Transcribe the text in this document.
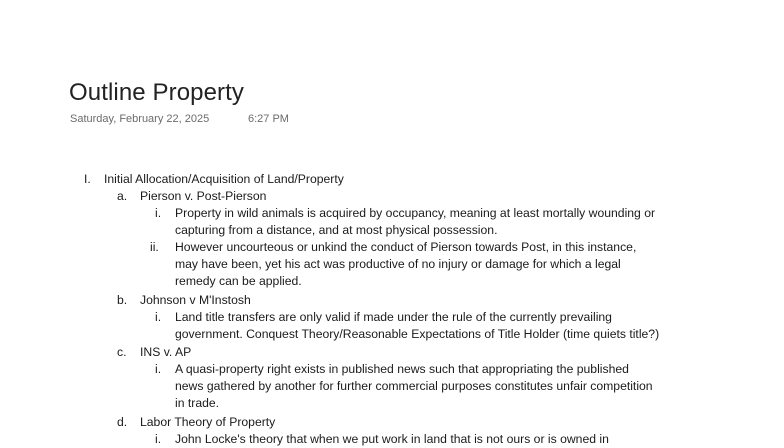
Outline Property
Saturday, February 22, 2025	6:27 PM
I. Initial Allocation/Acquisition of Land/Property
a. Pierson v. Post-Pierson
i. Property in wild animals is acquired by occupancy, meaning at least mortally wounding or
capturing from a distance, and at most physical possession.
ii. However uncourteous or unkind the conduct of Pierson towards Post, in this instance,
may have been, yet his act was productive of no injury or damage for which a legal
remedy can be applied.
b. Johnson v M'Instosh
i. Land title transfers are only valid if made under the rule of the currently prevailing
government. Conquest Theory/Reasonable Expectations of Title Holder (time quiets title?)
c. INS v. AP
i. A quasi-property right exists in published news such that appropriating the published
news gathered by another for further commercial purposes constitutes unfair competition
in trade.
d. Labor Theory of Property
i. John Locke's theory that when we put work in land that is not ours or is owned in
